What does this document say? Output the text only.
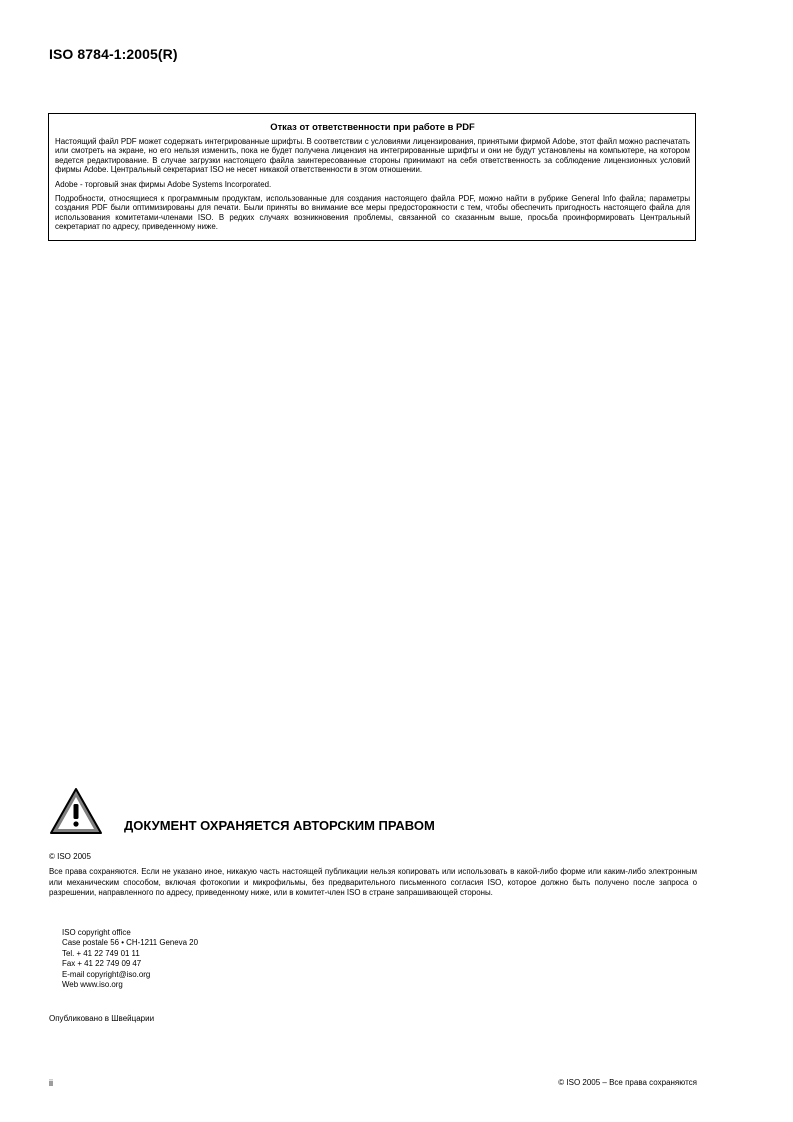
ISO 8784-1:2005(R)
Отказ от ответственности при работе в PDF

Настоящий файл PDF может содержать интегрированные шрифты. В соответствии с условиями лицензирования, принятыми фирмой Adobe, этот файл можно распечатать или смотреть на экране, но его нельзя изменить, пока не будет получена лицензия на интегрированные шрифты и они не будут установлены на компьютере, на котором ведется редактирование. В случае загрузки настоящего файла заинтересованные стороны принимают на себя ответственность за соблюдение лицензионных условий фирмы Adobe. Центральный секретариат ISO не несет никакой ответственности в этом отношении.

Adobe - торговый знак фирмы Adobe Systems Incorporated.

Подробности, относящиеся к программным продуктам, использованные для создания настоящего файла PDF, можно найти в рубрике General Info файла; параметры создания PDF были оптимизированы для печати. Были приняты во внимание все меры предосторожности с тем, чтобы обеспечить пригодность настоящего файла для использования комитетами-членами ISO. В редких случаях возникновения проблемы, связанной со сказанным выше, просьба проинформировать Центральный секретариат по адресу, приведенному ниже.

ДОКУМЕНТ ОХРАНЯЕТСЯ АВТОРСКИМ ПРАВОМ
© ISO 2005

Все права сохраняются. Если не указано иное, никакую часть настоящей публикации нельзя копировать или использовать в какой-либо форме или каким-либо электронным или механическим способом, включая фотокопии и микрофильмы, без предварительного письменного согласия ISO, которое должно быть получено после запроса о разрешении, направленного по адресу, приведенному ниже, или в комитет-член ISO в стране запрашивающей стороны.

ISO copyright office
Case postale 56 • CH-1211 Geneva 20
Tel. + 41 22 749 01 11
Fax + 41 22 749 09 47
E-mail copyright@iso.org
Web www.iso.org
Опубликовано в Швейцарии
ii	© ISO 2005 – Все права сохраняются
